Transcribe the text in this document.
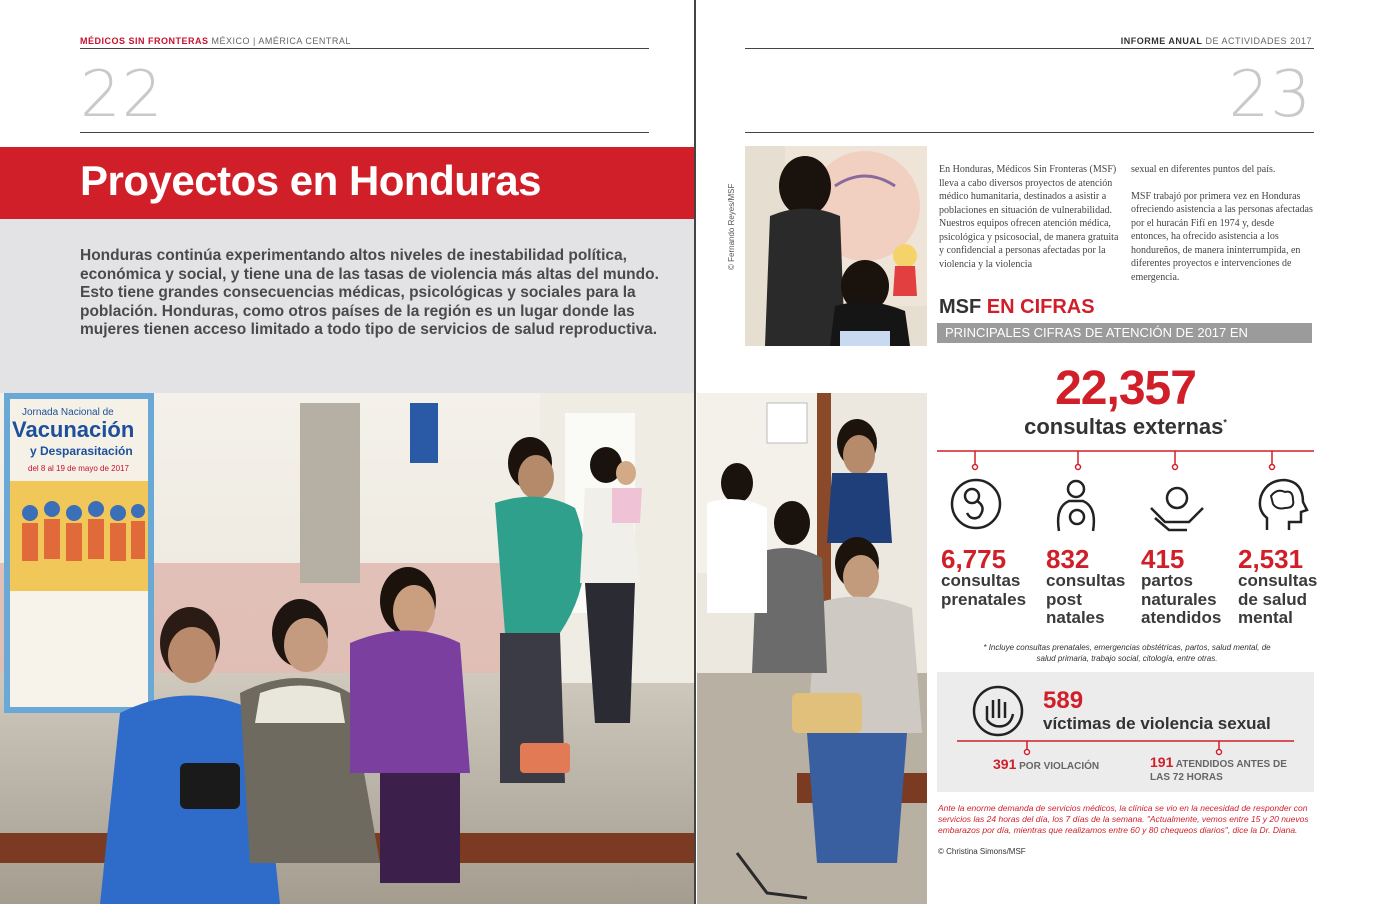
MÉDICOS SIN FRONTERAS MÉXICO | AMÉRICA CENTRAL
22
Proyectos en Honduras

Honduras continúa experimentando altos niveles de inestabilidad política, económica y social, y tiene una de las tasas de violencia más altas del mundo. Esto tiene grandes consecuencias médicas, psicológicas y sociales para la población. Honduras, como otros países de la región es un lugar donde las mujeres tienen acceso limitado a todo tipo de servicios de salud reproductiva.

Jornada Nacional de
Vacunación
y Desparasitación
del 8 al 19 de mayo de 2017
INFORME ANUAL DE ACTIVIDADES 2017
23
© Fernando Reyes/MSF
En Honduras, Médicos Sin Fronteras (MSF) lleva a cabo diversos proyectos de atención médico humanitaria, destinados a asistir a poblaciones en situación de vulnerabilidad. Nuestros equipos ofrecen atención médica, psicológica y psicosocial, de manera gratuita y confidencial a personas afectadas por la violencia y la violencia
sexual en diferentes puntos del país.
MSF trabajó por primera vez en Honduras ofreciendo asistencia a las personas afectadas por el huracán Fifí en 1974 y, desde entonces, ha ofrecido asistencia a los hondureños, de manera ininterrumpida, en diferentes proyectos e intervenciones de emergencia.
MSF EN CIFRAS
PRINCIPALES CIFRAS DE ATENCIÓN DE 2017 EN HONDURAS
22,357
consultas externas*
6,775
consultas
prenatales
832
consultas
post
natales
415
partos
naturales
atendidos
2,531
consultas
de salud
mental
* Incluye consultas prenatales, emergencias obstétricas, partos, salud mental, de salud primaria, trabajo social, citología, entre otras.
589
víctimas de violencia sexual
391 POR VIOLACIÓN	191 ATENDIDOS ANTES DE LAS 72 HORAS
Ante la enorme demanda de servicios médicos, la clínica se vio en la necesidad de responder con servicios las 24 horas del día, los 7 días de la semana. "Actualmente, vemos entre 15 y 20 nuevos embarazos por día, mientras que realizamos entre 60 y 80 chequeos diarios", dice la Dr. Diana.
© Christina Simons/MSF
